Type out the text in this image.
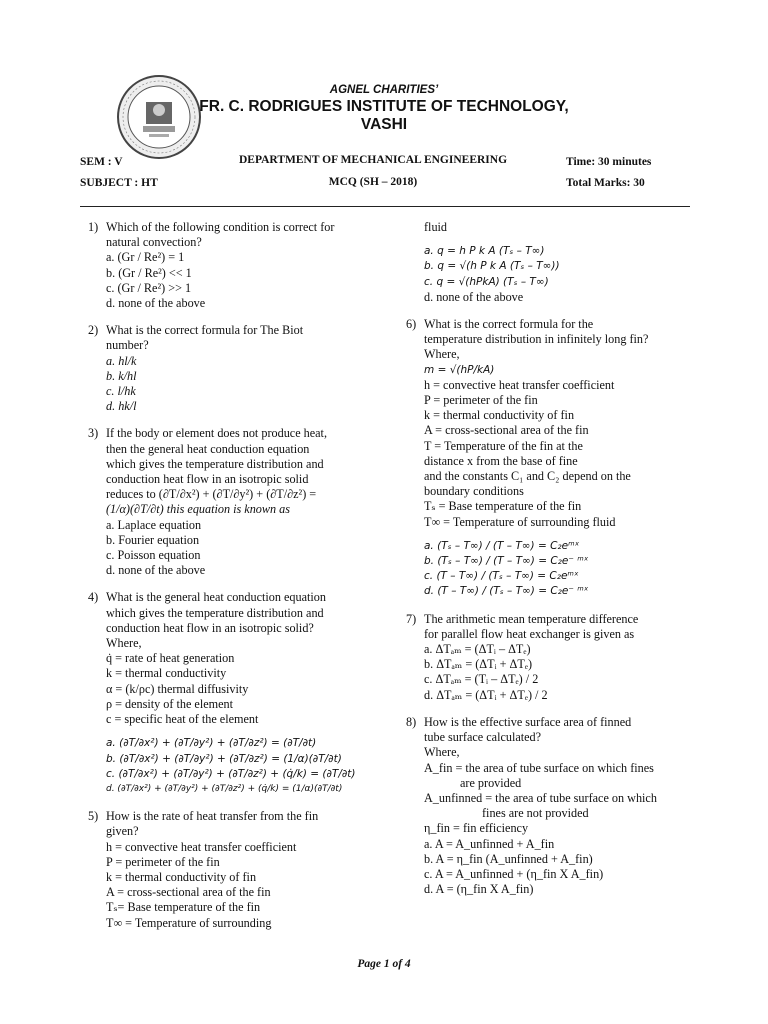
AGNEL CHARITIES’
FR. C. RODRIGUES INSTITUTE OF TECHNOLOGY,
VASHI
SEM : V
SUBJECT : HT
DEPARTMENT OF MECHANICAL ENGINEERING
MCQ (SH – 2018)
Time: 30 minutes
Total Marks: 30

1) Which of the following condition is correct for

natural convection?

a. (Gr / Re²) = 1

b. (Gr / Re²) << 1

c. (Gr / Re²) >> 1

d. none of the above

2) What is the correct formula for The Biot

number?

a. hl/k

b. k/hl

c. l/hk

d. hk/l

3) If the body or element does not produce heat,

then the general heat conduction equation

which gives the temperature distribution and

conduction heat flow in an isotropic solid

reduces to (∂T/∂x²) + (∂T/∂y²) + (∂T/∂z²) =

(1/α)(∂T/∂t) this equation is known as

a. Laplace equation

b. Fourier equation

c. Poisson equation

d. none of the above

4) What is the general heat conduction equation

which gives the temperature distribution and

conduction heat flow in an isotropic solid?

Where,

q̇ = rate of heat generation

k = thermal conductivity

α = (k/ρc) thermal diffusivity

ρ = density of the element

c = specific heat of the element

a. (∂T/∂x²) + (∂T/∂y²) + (∂T/∂z²) = (∂T/∂t)

b. (∂T/∂x²) + (∂T/∂y²) + (∂T/∂z²) = (1/α)(∂T/∂t)

c. (∂T/∂x²) + (∂T/∂y²) + (∂T/∂z²) + (q̇/k) = (∂T/∂t)

d. (∂T/∂x²) + (∂T/∂y²) + (∂T/∂z²) + (q̇/k) = (1/α)(∂T/∂t)

5) How is the rate of heat transfer from the fin

given?

h = convective heat transfer coefficient

P = perimeter of the fin

k = thermal conductivity of fin

A = cross-sectional area of the fin

Tₛ= Base temperature of the fin

T∞ = Temperature of surrounding

fluid

a. q = h P k A (Tₛ – T∞)

b. q = √(h P k A (Tₛ – T∞))

c. q = √(hPkA) (Tₛ – T∞)

d. none of the above

6) What is the correct formula for the

temperature distribution in infinitely long fin?

Where,

m = √(hP/kA)

h = convective heat transfer coefficient

P = perimeter of the fin

k = thermal conductivity of fin

A = cross-sectional area of the fin

T = Temperature of the fin at the

distance x from the base of fine

and the constants C₁ and C₂ depend on the

boundary conditions

Tₛ = Base temperature of the fin

T∞ = Temperature of surrounding fluid

a. (Tₛ – T∞) / (T – T∞) = C₂eᵐˣ

b. (Tₛ – T∞) / (T – T∞) = C₂e⁻ ᵐˣ

c. (T – T∞) / (Tₛ – T∞) = C₂eᵐˣ

d. (T – T∞) / (Tₛ – T∞) = C₂e⁻ ᵐˣ

7) The arithmetic mean temperature difference

for parallel flow heat exchanger is given as

a. ΔTₐₘ = (ΔTᵢ – ΔTₑ)

b. ΔTₐₘ = (ΔTᵢ + ΔTₑ)

c. ΔTₐₘ = (Tᵢ – ΔTₑ) / 2

d. ΔTₐₘ = (ΔTᵢ + ΔTₑ) / 2

8) How is the effective surface area of finned

tube surface calculated?

Where,

A_fin = the area of tube surface on which fines

are provided

A_unfinned = the area of tube surface on which

fines are not provided

η_fin = fin efficiency

a. A = A_unfinned + A_fin

b. A = η_fin (A_unfinned + A_fin)

c. A = A_unfinned + (η_fin X A_fin)

d. A = (η_fin X A_fin)

Page 1 of 4
